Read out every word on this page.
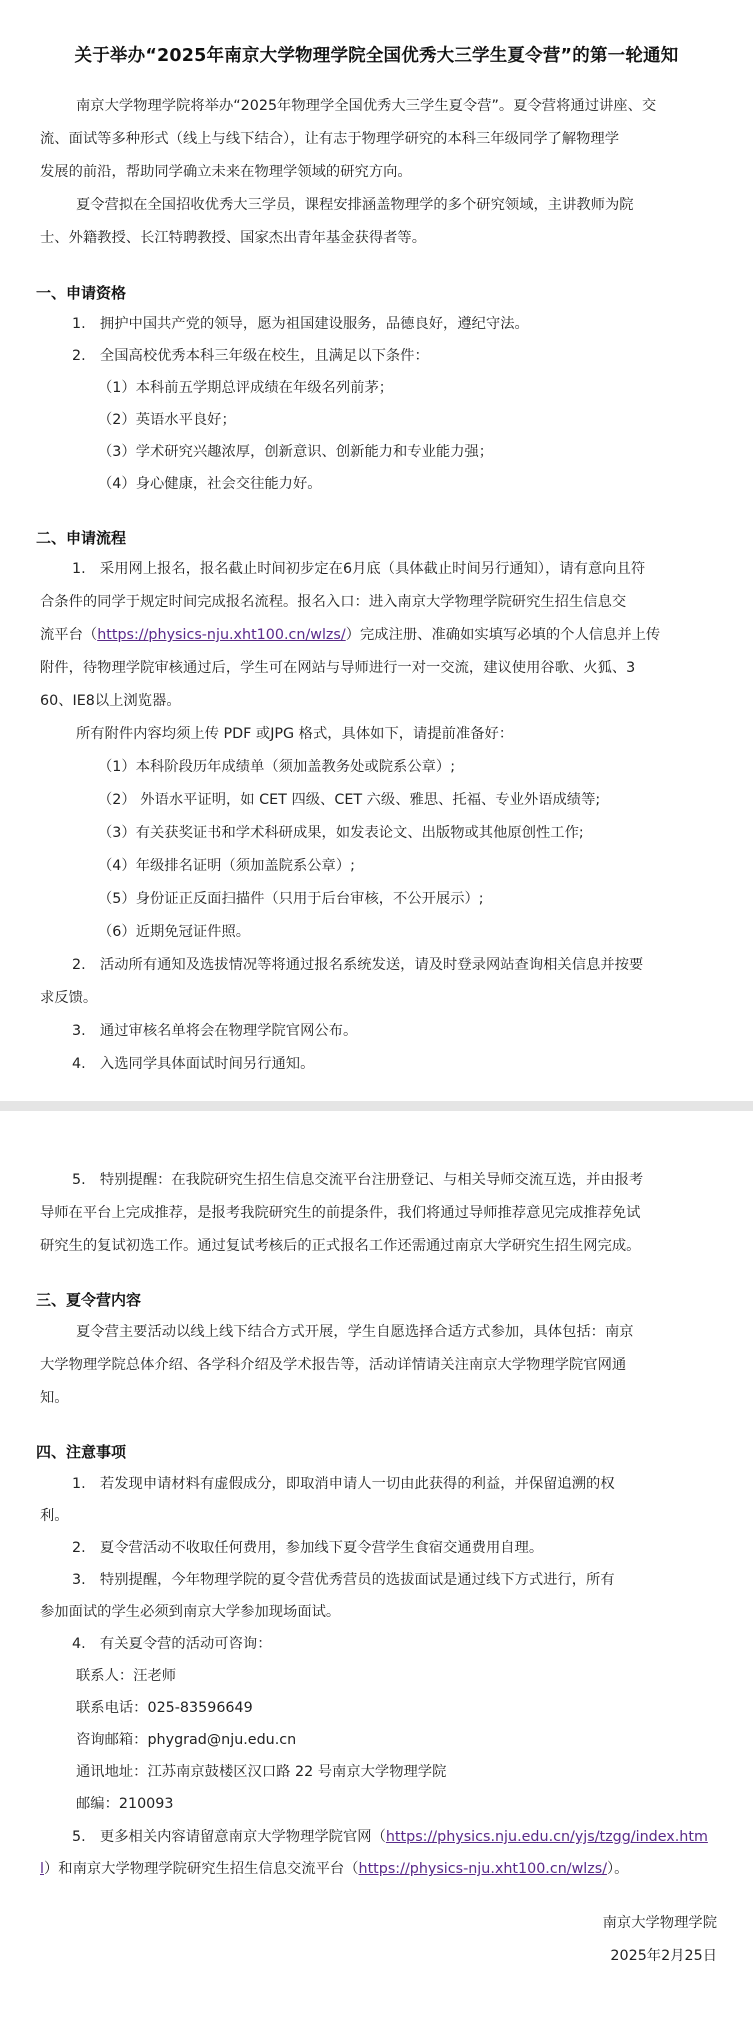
关于举办“2025年南京大学物理学院全国优秀大三学生夏令营”的第一轮通知
南京大学物理学院将举办“2025年物理学全国优秀大三学生夏令营”。夏令营将通过讲座、交
流、面试等多种形式（线上与线下结合），让有志于物理学研究的本科三年级同学了解物理学
发展的前沿，帮助同学确立未来在物理学领域的研究方向。
夏令营拟在全国招收优秀大三学员，课程安排涵盖物理学的多个研究领域，主讲教师为院
士、外籍教授、长江特聘教授、国家杰出青年基金获得者等。
一、申请资格
1.　拥护中国共产党的领导，愿为祖国建设服务，品德良好，遵纪守法。
2.　全国高校优秀本科三年级在校生，且满足以下条件：
（1）本科前五学期总评成绩在年级名列前茅；
（2）英语水平良好；
（3）学术研究兴趣浓厚，创新意识、创新能力和专业能力强；
（4）身心健康，社会交往能力好。
二、申请流程
1.　采用网上报名，报名截止时间初步定在6月底（具体截止时间另行通知），请有意向且符
合条件的同学于规定时间完成报名流程。报名入口：进入南京大学物理学院研究生招生信息交
流平台（https://physics-nju.xht100.cn/wlzs/）完成注册、准确如实填写必填的个人信息并上传
附件，待物理学院审核通过后，学生可在网站与导师进行一对一交流，建议使用谷歌、火狐、3
60、IE8以上浏览器。
所有附件内容均须上传 PDF 或JPG 格式，具体如下，请提前准备好：
（1）本科阶段历年成绩单（须加盖教务处或院系公章）;
（2） 外语水平证明，如 CET 四级、CET 六级、雅思、托福、专业外语成绩等;
（3）有关获奖证书和学术科研成果，如发表论文、出版物或其他原创性工作;
（4）年级排名证明（须加盖院系公章）;
（5）身份证正反面扫描件（只用于后台审核，不公开展示）;
（6）近期免冠证件照。
2.　活动所有通知及选拔情况等将通过报名系统发送，请及时登录网站查询相关信息并按要
求反馈。
3.　通过审核名单将会在物理学院官网公布。
4.　入选同学具体面试时间另行通知。
5.　特别提醒：在我院研究生招生信息交流平台注册登记、与相关导师交流互选，并由报考
导师在平台上完成推荐，是报考我院研究生的前提条件，我们将通过导师推荐意见完成推荐免试
研究生的复试初选工作。通过复试考核后的正式报名工作还需通过南京大学研究生招生网完成。
三、夏令营内容
夏令营主要活动以线上线下结合方式开展，学生自愿选择合适方式参加，具体包括：南京
大学物理学院总体介绍、各学科介绍及学术报告等，活动详情请关注南京大学物理学院官网通
知。
四、注意事项
1.　若发现申请材料有虚假成分，即取消申请人一切由此获得的利益，并保留追溯的权
利。
2.　夏令营活动不收取任何费用，参加线下夏令营学生食宿交通费用自理。
3.　特别提醒，今年物理学院的夏令营优秀营员的选拔面试是通过线下方式进行，所有
参加面试的学生必须到南京大学参加现场面试。
4.　有关夏令营的活动可咨询：
联系人：汪老师
联系电话：025-83596649
咨询邮箱：phygrad@nju.edu.cn
通讯地址：江苏南京鼓楼区汉口路 22 号南京大学物理学院
邮编：210093
5.　更多相关内容请留意南京大学物理学院官网（https://physics.nju.edu.cn/yjs/tzgg/index.htm
l）和南京大学物理学院研究生招生信息交流平台（https://physics-nju.xht100.cn/wlzs/）。
南京大学物理学院
2025年2月25日
